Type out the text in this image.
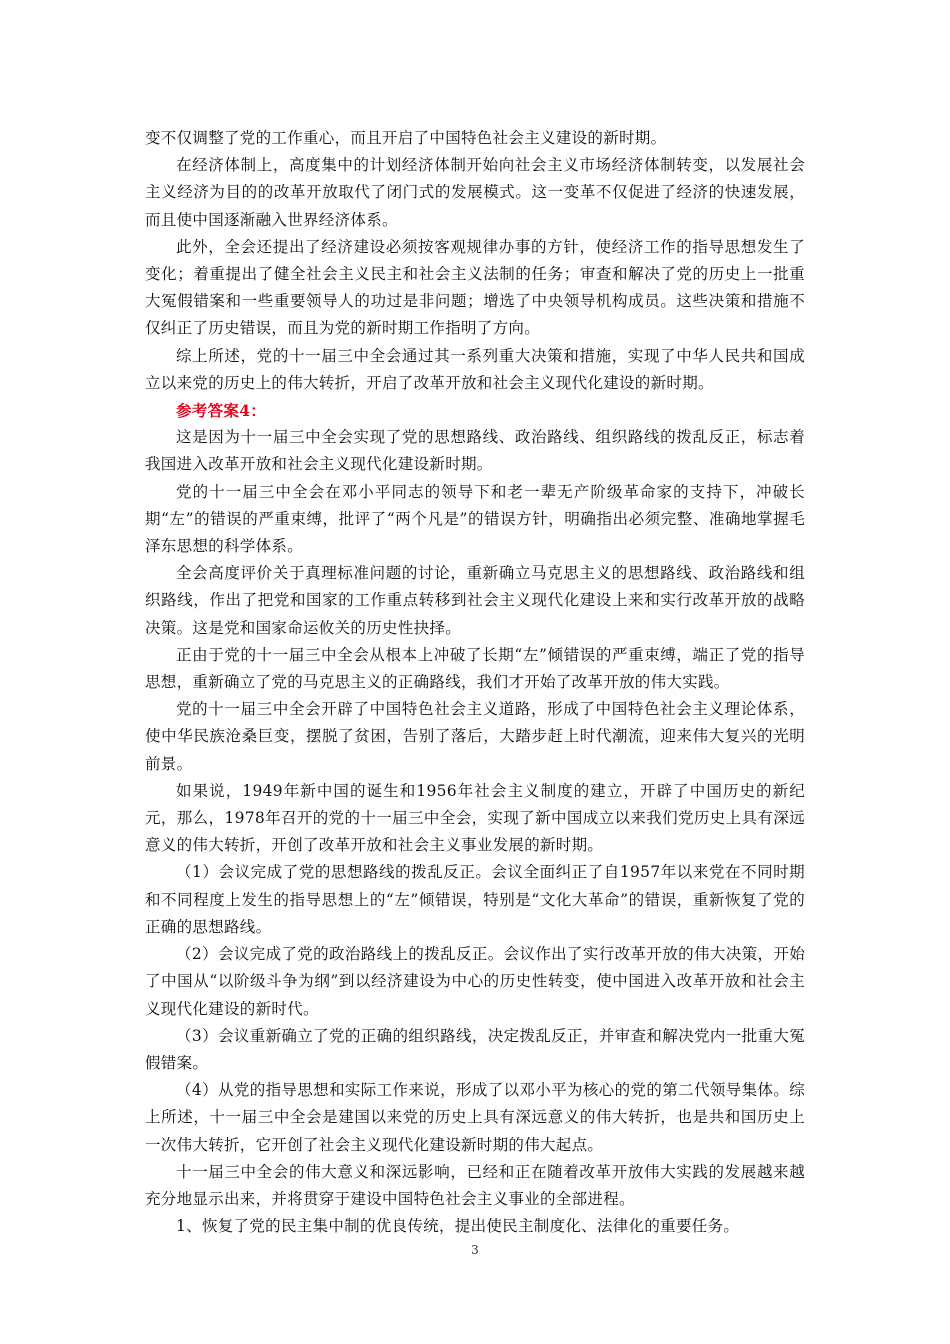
变不仅调整了党的工作重心，而且开启了中国特色社会主义建设的新时期。

在经济体制上，高度集中的计划经济体制开始向社会主义市场经济体制转变，以发展社会主义经济为目的的改革开放取代了闭门式的发展模式。这一变革不仅促进了经济的快速发展，而且使中国逐渐融入世界经济体系。

此外，全会还提出了经济建设必须按客观规律办事的方针，使经济工作的指导思想发生了变化；着重提出了健全社会主义民主和社会主义法制的任务；审查和解决了党的历史上一批重大冤假错案和一些重要领导人的功过是非问题；增选了中央领导机构成员。这些决策和措施不仅纠正了历史错误，而且为党的新时期工作指明了方向。

综上所述，党的十一届三中全会通过其一系列重大决策和措施，实现了中华人民共和国成立以来党的历史上的伟大转折，开启了改革开放和社会主义现代化建设的新时期。

参考答案4：

这是因为十一届三中全会实现了党的思想路线、政治路线、组织路线的拨乱反正，标志着我国进入改革开放和社会主义现代化建设新时期。

党的十一届三中全会在邓小平同志的领导下和老一辈无产阶级革命家的支持下，冲破长期“左”的错误的严重束缚，批评了“两个凡是”的错误方针，明确指出必须完整、准确地掌握毛泽东思想的科学体系。

全会高度评价关于真理标准问题的讨论，重新确立马克思主义的思想路线、政治路线和组织路线，作出了把党和国家的工作重点转移到社会主义现代化建设上来和实行改革开放的战略决策。这是党和国家命运攸关的历史性抉择。

正由于党的十一届三中全会从根本上冲破了长期“左”倾错误的严重束缚，端正了党的指导思想，重新确立了党的马克思主义的正确路线，我们才开始了改革开放的伟大实践。

党的十一届三中全会开辟了中国特色社会主义道路，形成了中国特色社会主义理论体系，使中华民族沧桑巨变，摆脱了贫困，告别了落后，大踏步赶上时代潮流，迎来伟大复兴的光明前景。

如果说，1949年新中国的诞生和1956年社会主义制度的建立，开辟了中国历史的新纪元，那么，1978年召开的党的十一届三中全会，实现了新中国成立以来我们党历史上具有深远意义的伟大转折，开创了改革开放和社会主义事业发展的新时期。

（1）会议完成了党的思想路线的拨乱反正。会议全面纠正了自1957年以来党在不同时期和不同程度上发生的指导思想上的“左”倾错误，特别是“文化大革命”的错误，重新恢复了党的正确的思想路线。

（2）会议完成了党的政治路线上的拨乱反正。会议作出了实行改革开放的伟大决策，开始了中国从“以阶级斗争为纲”到以经济建设为中心的历史性转变，使中国进入改革开放和社会主义现代化建设的新时代。

（3）会议重新确立了党的正确的组织路线，决定拨乱反正，并审查和解决党内一批重大冤假错案。

（4）从党的指导思想和实际工作来说，形成了以邓小平为核心的党的第二代领导集体。综上所述，十一届三中全会是建国以来党的历史上具有深远意义的伟大转折，也是共和国历史上一次伟大转折，它开创了社会主义现代化建设新时期的伟大起点。

十一届三中全会的伟大意义和深远影响，已经和正在随着改革开放伟大实践的发展越来越充分地显示出来，并将贯穿于建设中国特色社会主义事业的全部进程。

1、恢复了党的民主集中制的优良传统，提出使民主制度化、法律化的重要任务。

3
